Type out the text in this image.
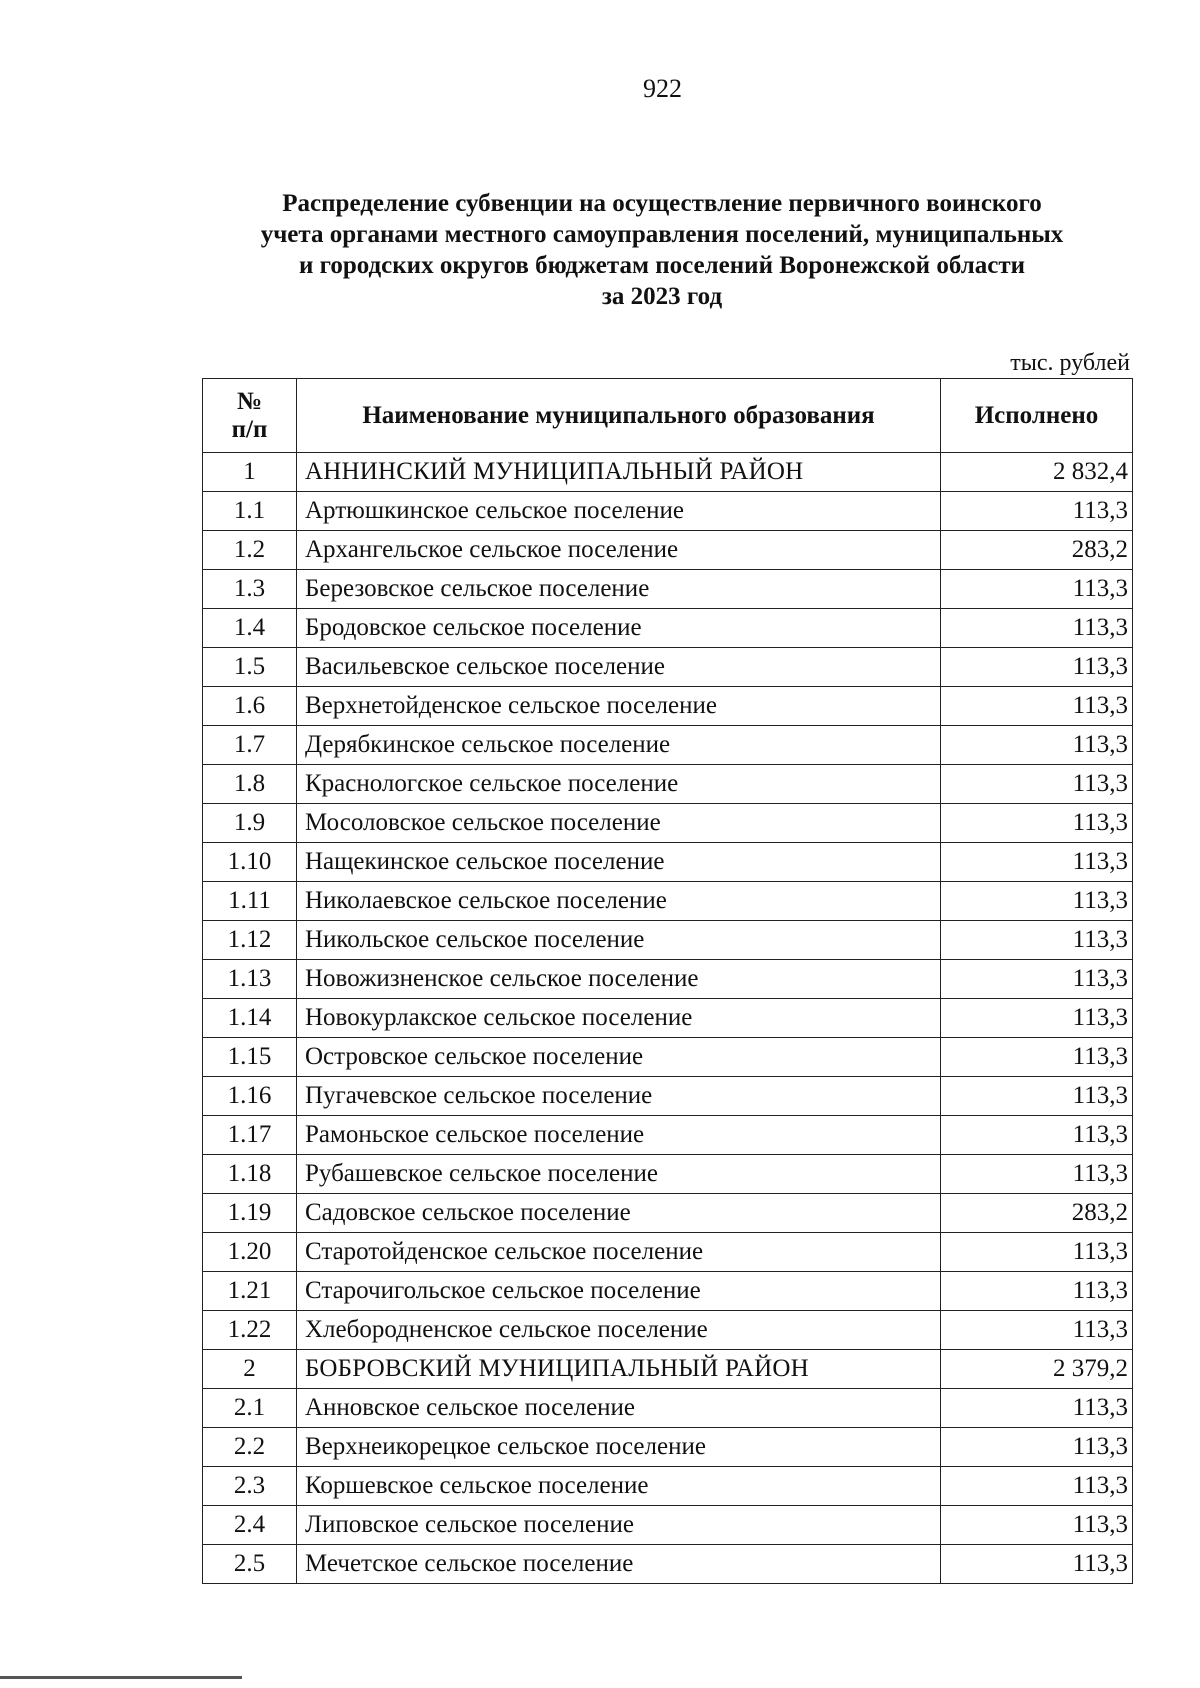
922
Распределение субвенции на осуществление первичного воинского
учета органами местного самоуправления поселений, муниципальных
и городских округов бюджетам поселений Воронежской области
за 2023 год
тыс. рублей
№
п/п	Наименование муниципального образования	Исполнено
1	АННИНСКИЙ МУНИЦИПАЛЬНЫЙ РАЙОН	2 832,4
1.1	Артюшкинское сельское поселение	113,3
1.2	Архангельское сельское поселение	283,2
1.3	Березовское сельское поселение	113,3
1.4	Бродовское сельское поселение	113,3
1.5	Васильевское сельское поселение	113,3
1.6	Верхнетойденское сельское поселение	113,3
1.7	Дерябкинское сельское поселение	113,3
1.8	Краснологское сельское поселение	113,3
1.9	Мосоловское сельское поселение	113,3
1.10	Нащекинское сельское поселение	113,3
1.11	Николаевское сельское поселение	113,3
1.12	Никольское сельское поселение	113,3
1.13	Новожизненское сельское поселение	113,3
1.14	Новокурлакское сельское поселение	113,3
1.15	Островское сельское поселение	113,3
1.16	Пугачевское сельское поселение	113,3
1.17	Рамоньское сельское поселение	113,3
1.18	Рубашевское сельское поселение	113,3
1.19	Садовское сельское поселение	283,2
1.20	Старотойденское сельское поселение	113,3
1.21	Старочигольское сельское поселение	113,3
1.22	Хлебородненское сельское поселение	113,3
2	БОБРОВСКИЙ МУНИЦИПАЛЬНЫЙ РАЙОН	2 379,2
2.1	Анновское сельское поселение	113,3
2.2	Верхнеикорецкое сельское поселение	113,3
2.3	Коршевское сельское поселение	113,3
2.4	Липовское сельское поселение	113,3
2.5	Мечетское сельское поселение	113,3
